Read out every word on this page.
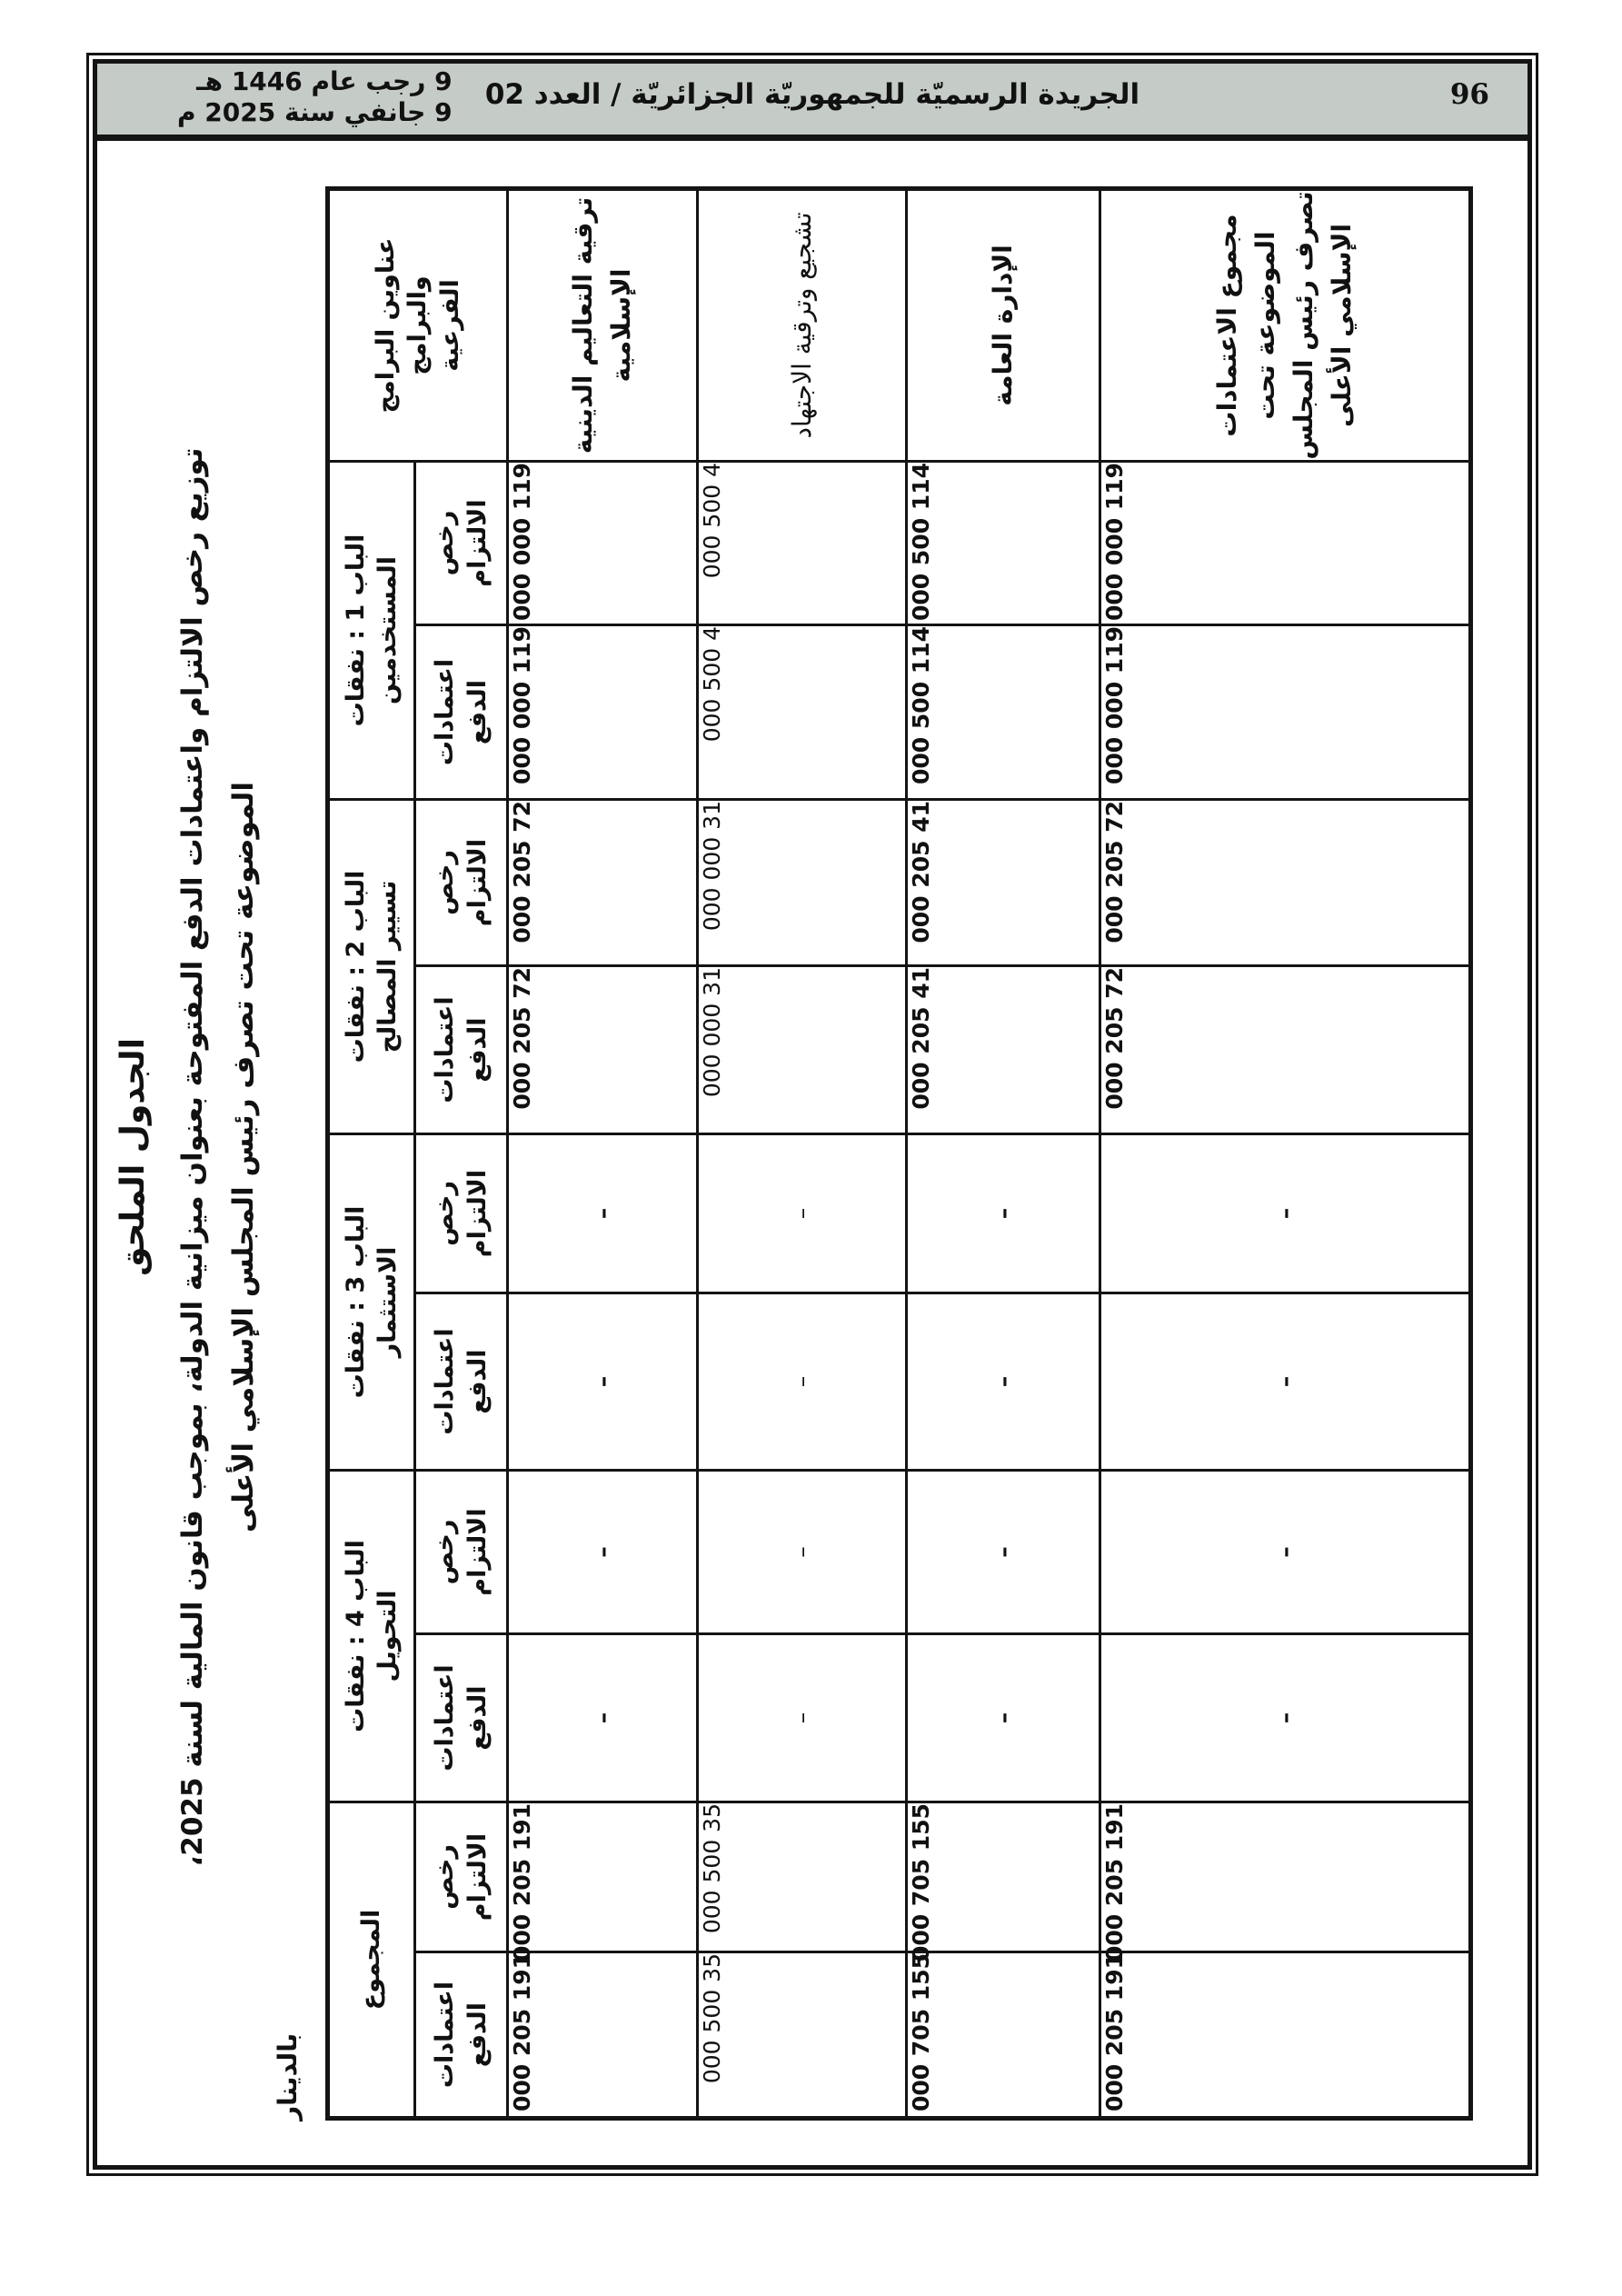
9 رجب عام 1446 هـ
9 جانفي سنة 2025 م
الجريدة الرسميّة للجمهوريّة الجزائريّة / العدد 02	96
الجدول الملحق
توزيع رخص الالتزام واعتمادات الدفع المفتوحة بعنوان ميزانية الدولة، بموجب قانون المالية لسنة 2025، الموضوعة تحت تصرف رئيس المجلس الإسلامي الأعلى
بالدينار
عناوين البرامج والبرامج الفرعية	الباب 1 : نفقات المستخدمين		الباب 2 : نفقات تسيير المصالح		الباب 3 : نفقات الاستثمار		الباب 4 : نفقات التحويل		المجموع	
	رخص الالتزام	اعتمادات الدفع	رخص الالتزام	اعتمادات الدفع	رخص الالتزام	اعتمادات الدفع	رخص الالتزام	اعتمادات الدفع	رخص الالتزام	اعتمادات الدفع
ترقية التعاليم الدينية الإسلامية	119 000 000	119 000 000	72 205 000	72 205 000	–	–	–	–	191 205 000	191 205 000
تشجيع وترقية الاجتهاد	4 500 000	4 500 000	31 000 000	31 000 000	–	–	–	–	35 500 000	35 500 000
الإدارة العامة	114 500 000	114 500 000	41 205 000	41 205 000	–	–	–	–	155 705 000	155 705 000
مجموع الاعتمادات الموضوعة تحت تصرف رئيس المجلس الإسلامي الأعلى	119 000 000	119 000 000	72 205 000	72 205 000	–	–	–	–	191 205 000	191 205 000
